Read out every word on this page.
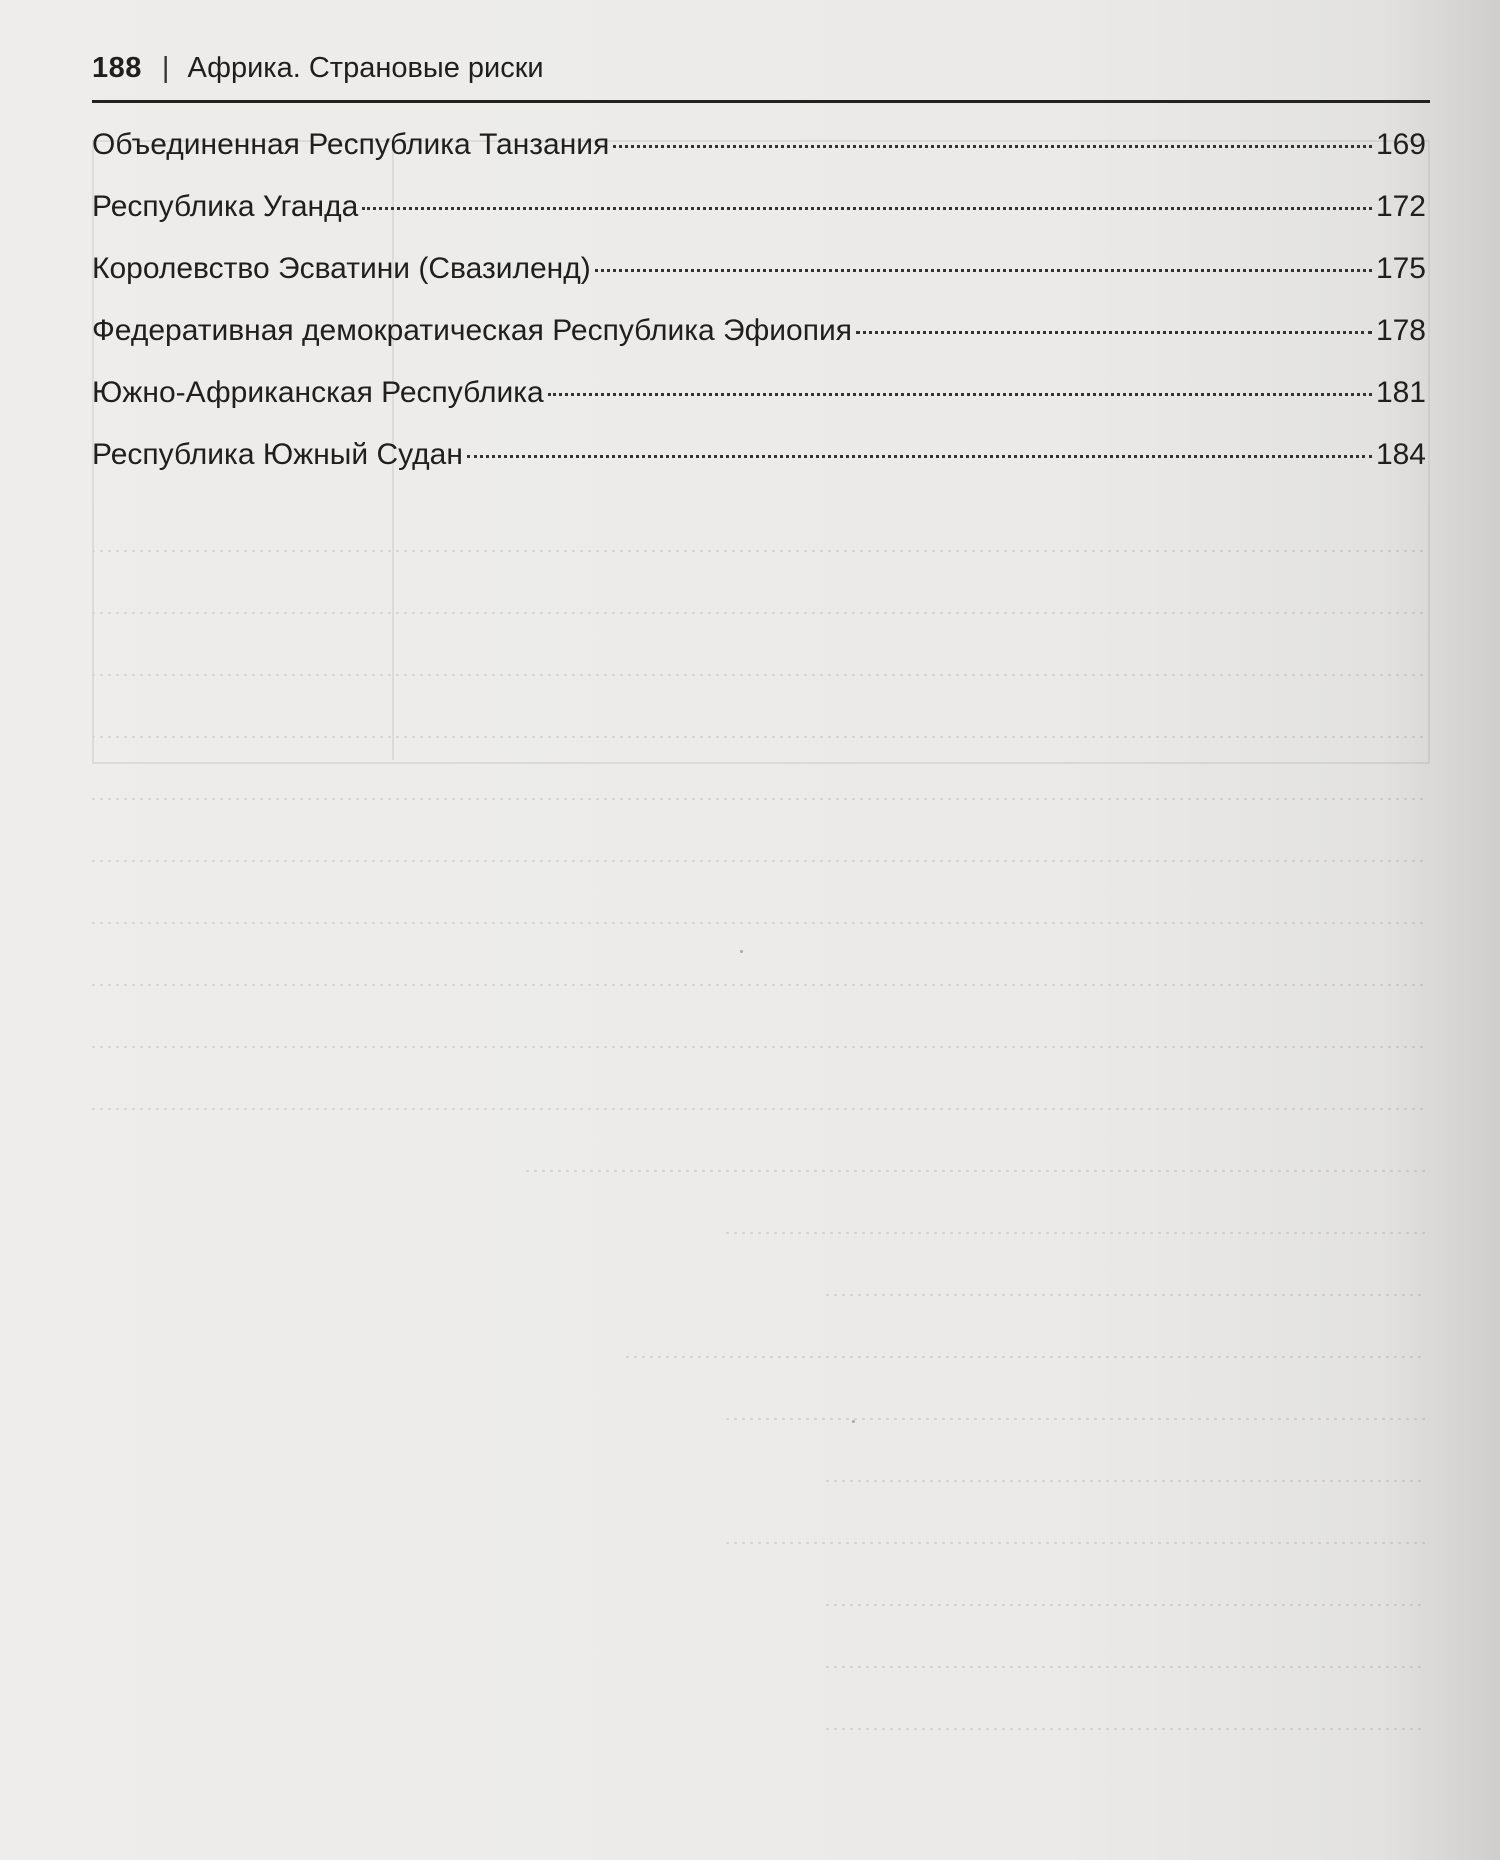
188 | Африка. Страновые риски
Объединенная Республика Танзания	169
Республика Уганда	172
Королевство Эсватини (Свазиленд)	175
Федеративная демократическая Республика Эфиопия	178
Южно-Африканская Республика	181
Республика Южный Судан	184
